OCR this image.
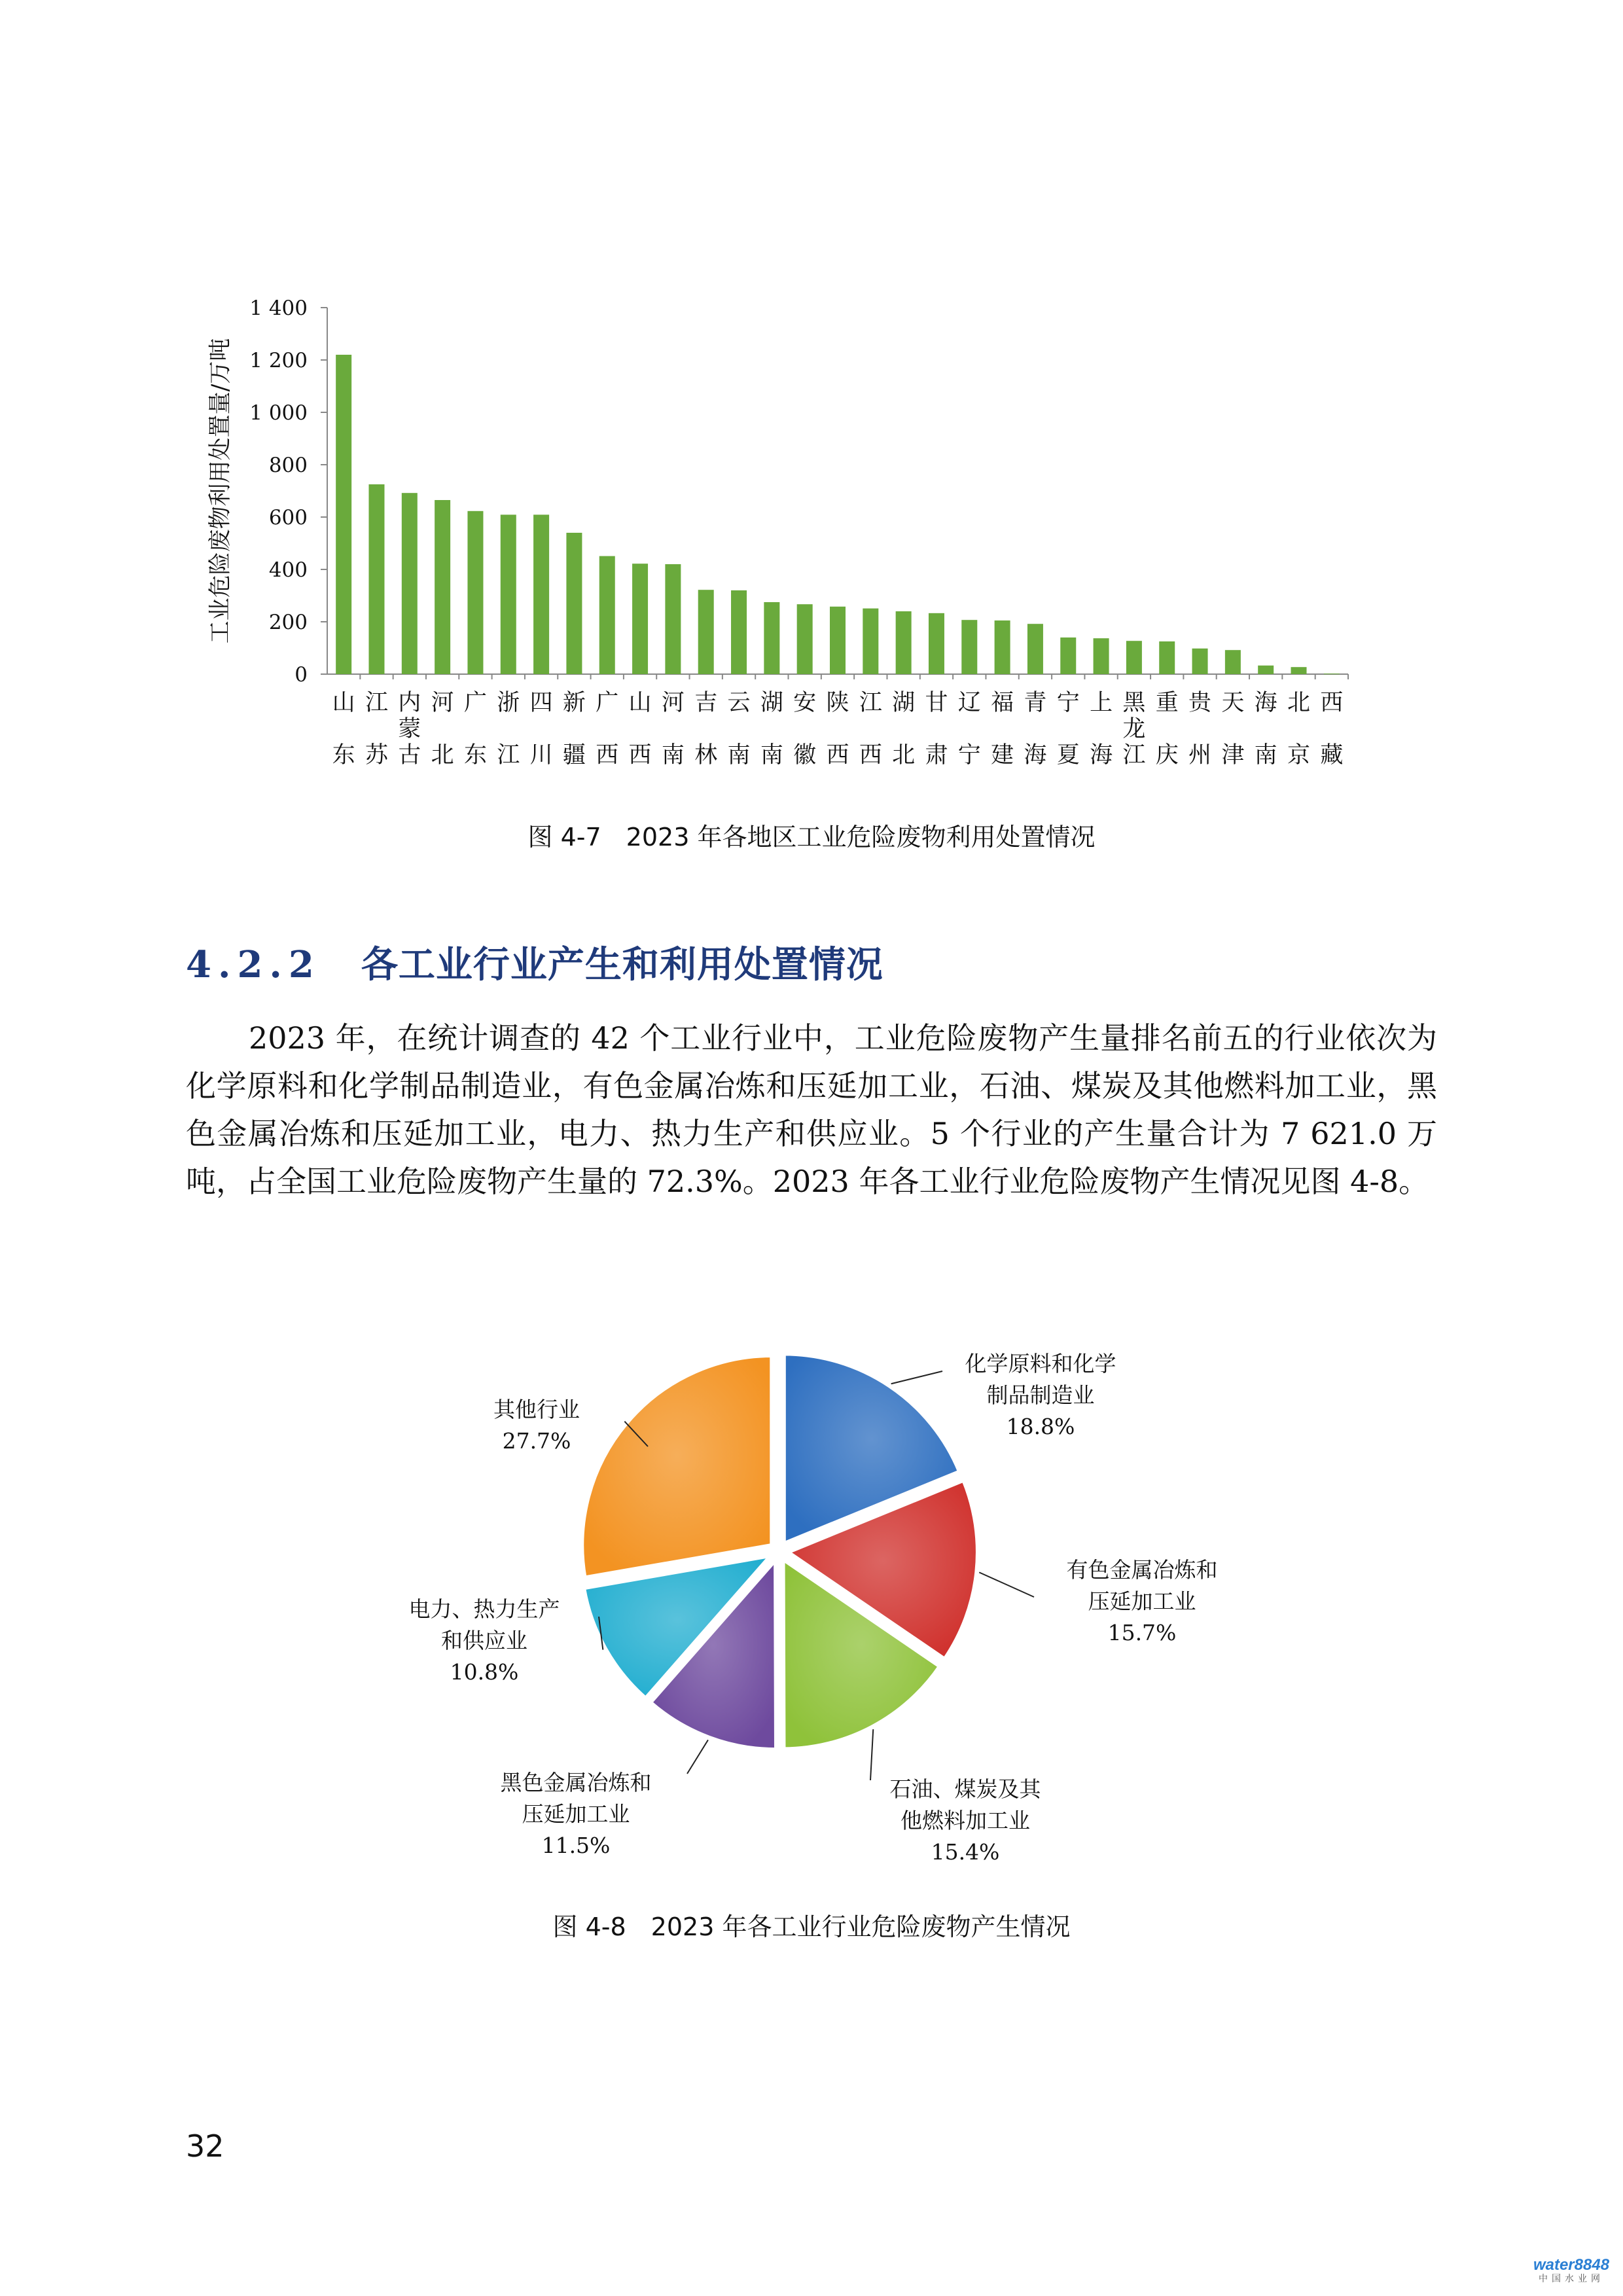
0
200
400
600
800
1 000
1 200
1 400
工业危险废物利用处置量/万吨
山东
江苏
内蒙古
河北
广东
浙江
四川
新疆
广西
山西
河南
吉林
云南
湖南
安徽
陕西
江西
湖北
甘肃
辽宁
福建
青海
宁夏
上海
黑龙江
重庆
贵州
天津
海南
北京
西藏
图 4-7　2023 年各地区工业危险废物利用处置情况
4.2.2 各工业行业产生和利用处置情况
2023 年，在统计调查的 42 个工业行业中，工业危险废物产生量排名前五的行业依次为化学原料和化学制品制造业，有色金属冶炼和压延加工业，石油、煤炭及其他燃料加工业，黑色金属冶炼和压延加工业，电力、热力生产和供应业。5 个行业的产生量合计为 7 621.0 万吨，占全国工业危险废物产生量的 72.3%。2023 年各工业行业危险废物产生情况见图 4-8。
化学原料和化学制品制造业 18.8%
有色金属冶炼和压延加工业 15.7%
石油、煤炭及其他燃料加工业 15.4%
黑色金属冶炼和压延加工业 11.5%
电力、热力生产和供应业 10.8%
其他行业 27.7%
图 4-8　2023 年各工业行业危险废物产生情况
32
water8848
中国水业网
